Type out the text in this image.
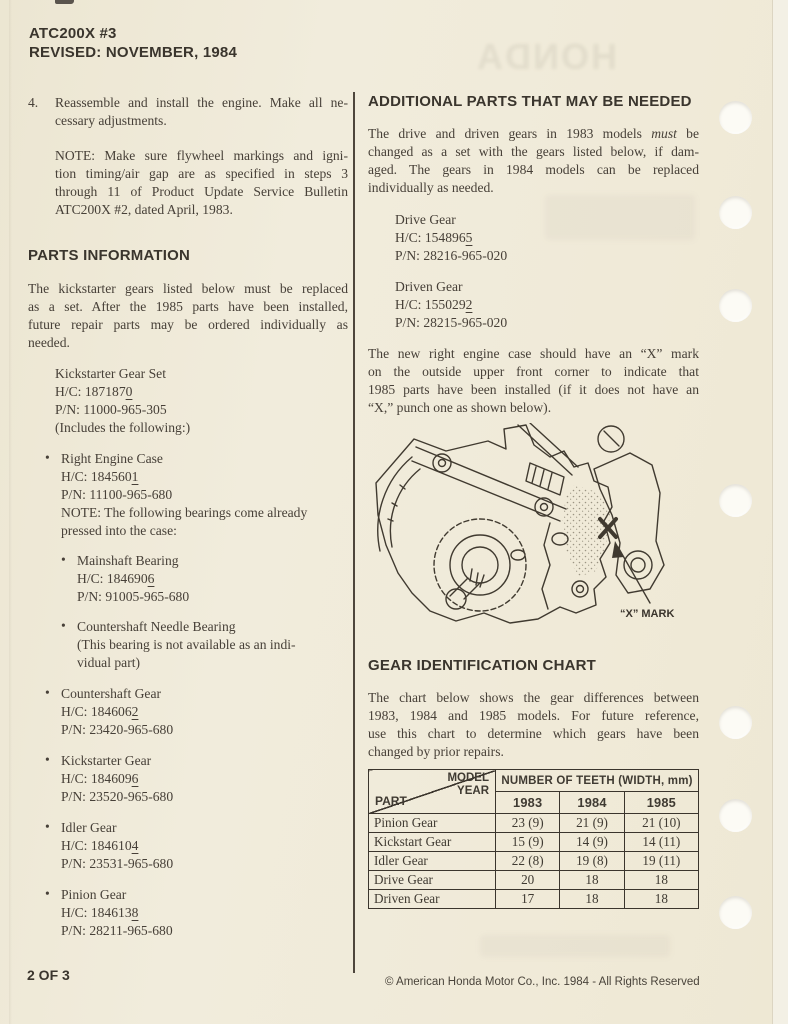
HONDA
ATC200X #3
REVISED: NOVEMBER, 1984
4.	Reassemble and install the engine. Make all ne-
cessary adjustments.
NOTE: Make sure flywheel markings and igni-
tion timing/air gap are as specified in steps 3
through 11 of Product Update Service Bulletin
ATC200X #2, dated April, 1983.
PARTS INFORMATION
The kickstarter gears listed below must be replaced
as a set. After the 1985 parts have been installed,
future repair parts may be ordered individually as
needed.
Kickstarter Gear Set
H/C: 1871870
P/N: 11000-965-305
(Includes the following:)
• Right Engine Case
H/C: 1845601
P/N: 11100-965-680
NOTE: The following bearings come already
pressed into the case:
• Mainshaft Bearing
H/C: 1846906
P/N: 91005-965-680
• Countershaft Needle Bearing
(This bearing is not available as an indi-
vidual part)
• Countershaft Gear
H/C: 1846062
P/N: 23420-965-680
• Kickstarter Gear
H/C: 1846096
P/N: 23520-965-680
• Idler Gear
H/C: 1846104
P/N: 23531-965-680
• Pinion Gear
H/C: 1846138
P/N: 28211-965-680
ADDITIONAL PARTS THAT MAY BE NEEDED
The drive and driven gears in 1983 models must be
changed as a set with the gears listed below, if dam-
aged. The gears in 1984 models can be replaced
individually as needed.
Drive Gear
H/C: 1548965
P/N: 28216-965-020
Driven Gear
H/C: 1550292
P/N: 28215-965-020
The new right engine case should have an “X” mark
on the outside upper front corner to indicate that
1985 parts have been installed (if it does not have an
“X,” punch one as shown below).
“X” MARK
GEAR IDENTIFICATION CHART
The chart below shows the gear differences between
1983, 1984 and 1985 models. For future reference,
use this chart to determine which gears have been
changed by prior repairs.
MODEL
YEAR
PART	NUMBER OF TEETH (WIDTH, mm)		
	1983	1984	1985
Pinion Gear	23 (9)	21 (9)	21 (10)
Kickstart Gear	15 (9)	14 (9)	14 (11)
Idler Gear	22 (8)	19 (8)	19 (11)
Drive Gear	20	18	18
Driven Gear	17	18	18
2 OF 3	© American Honda Motor Co., Inc. 1984 - All Rights Reserved
